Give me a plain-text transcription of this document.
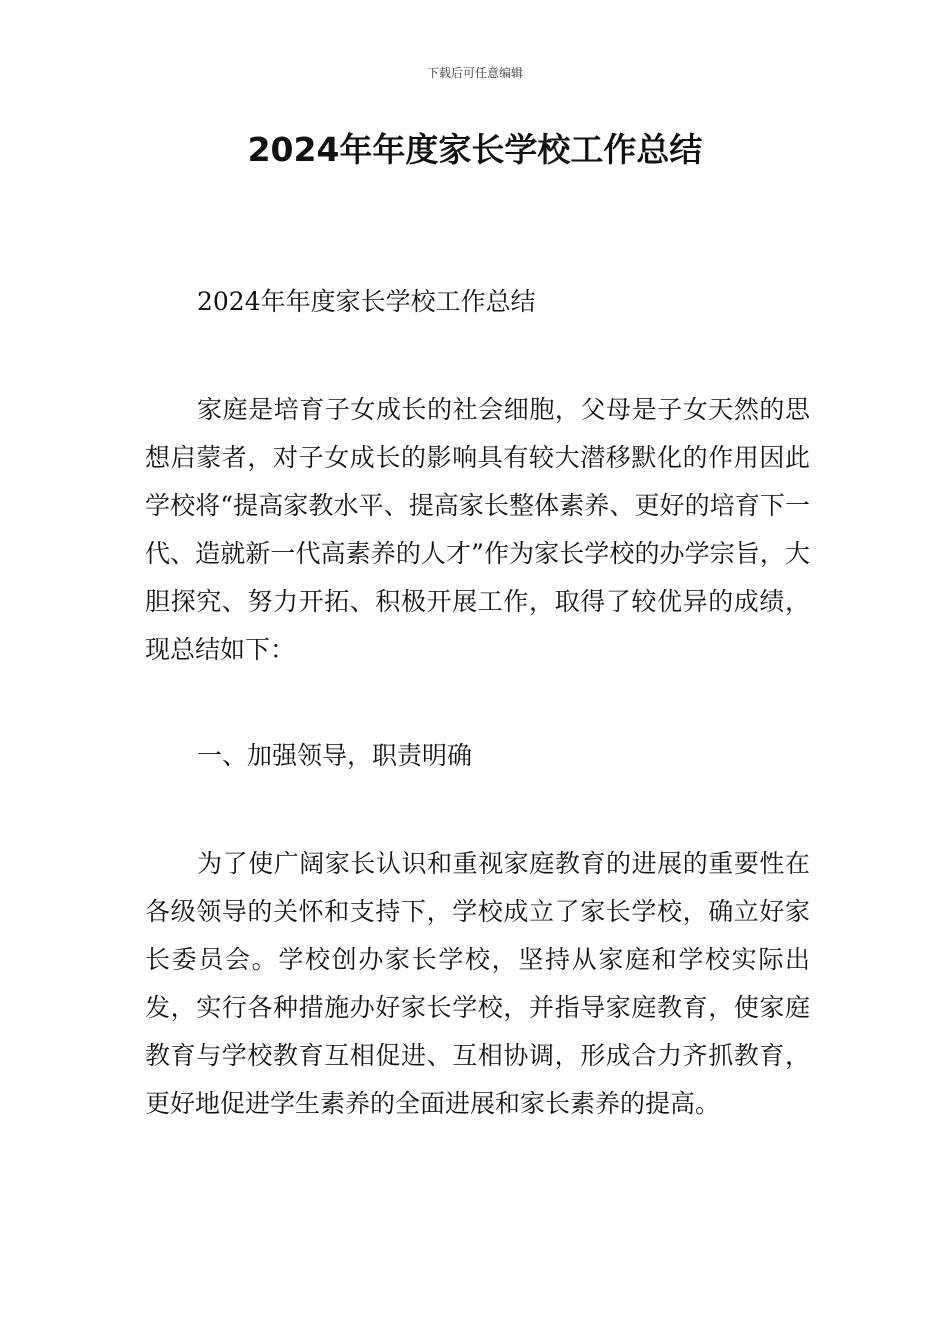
下载后可任意编辑
2024年年度家长学校工作总结

2024年年度家长学校工作总结

家庭是培育子女成长的社会细胞，父母是子女天然的思想启蒙者，对子女成长的影响具有较大潜移默化的作用因此学校将“提高家教水平、提高家长整体素养、更好的培育下一代、造就新一代高素养的人才”作为家长学校的办学宗旨，大胆探究、努力开拓、积极开展工作，取得了较优异的成绩，现总结如下：

一、加强领导，职责明确

为了使广阔家长认识和重视家庭教育的进展的重要性在各级领导的关怀和支持下，学校成立了家长学校，确立好家长委员会。学校创办家长学校，坚持从家庭和学校实际出发，实行各种措施办好家长学校，并指导家庭教育，使家庭教育与学校教育互相促进、互相协调，形成合力齐抓教育，更好地促进学生素养的全面进展和家长素养的提高。
